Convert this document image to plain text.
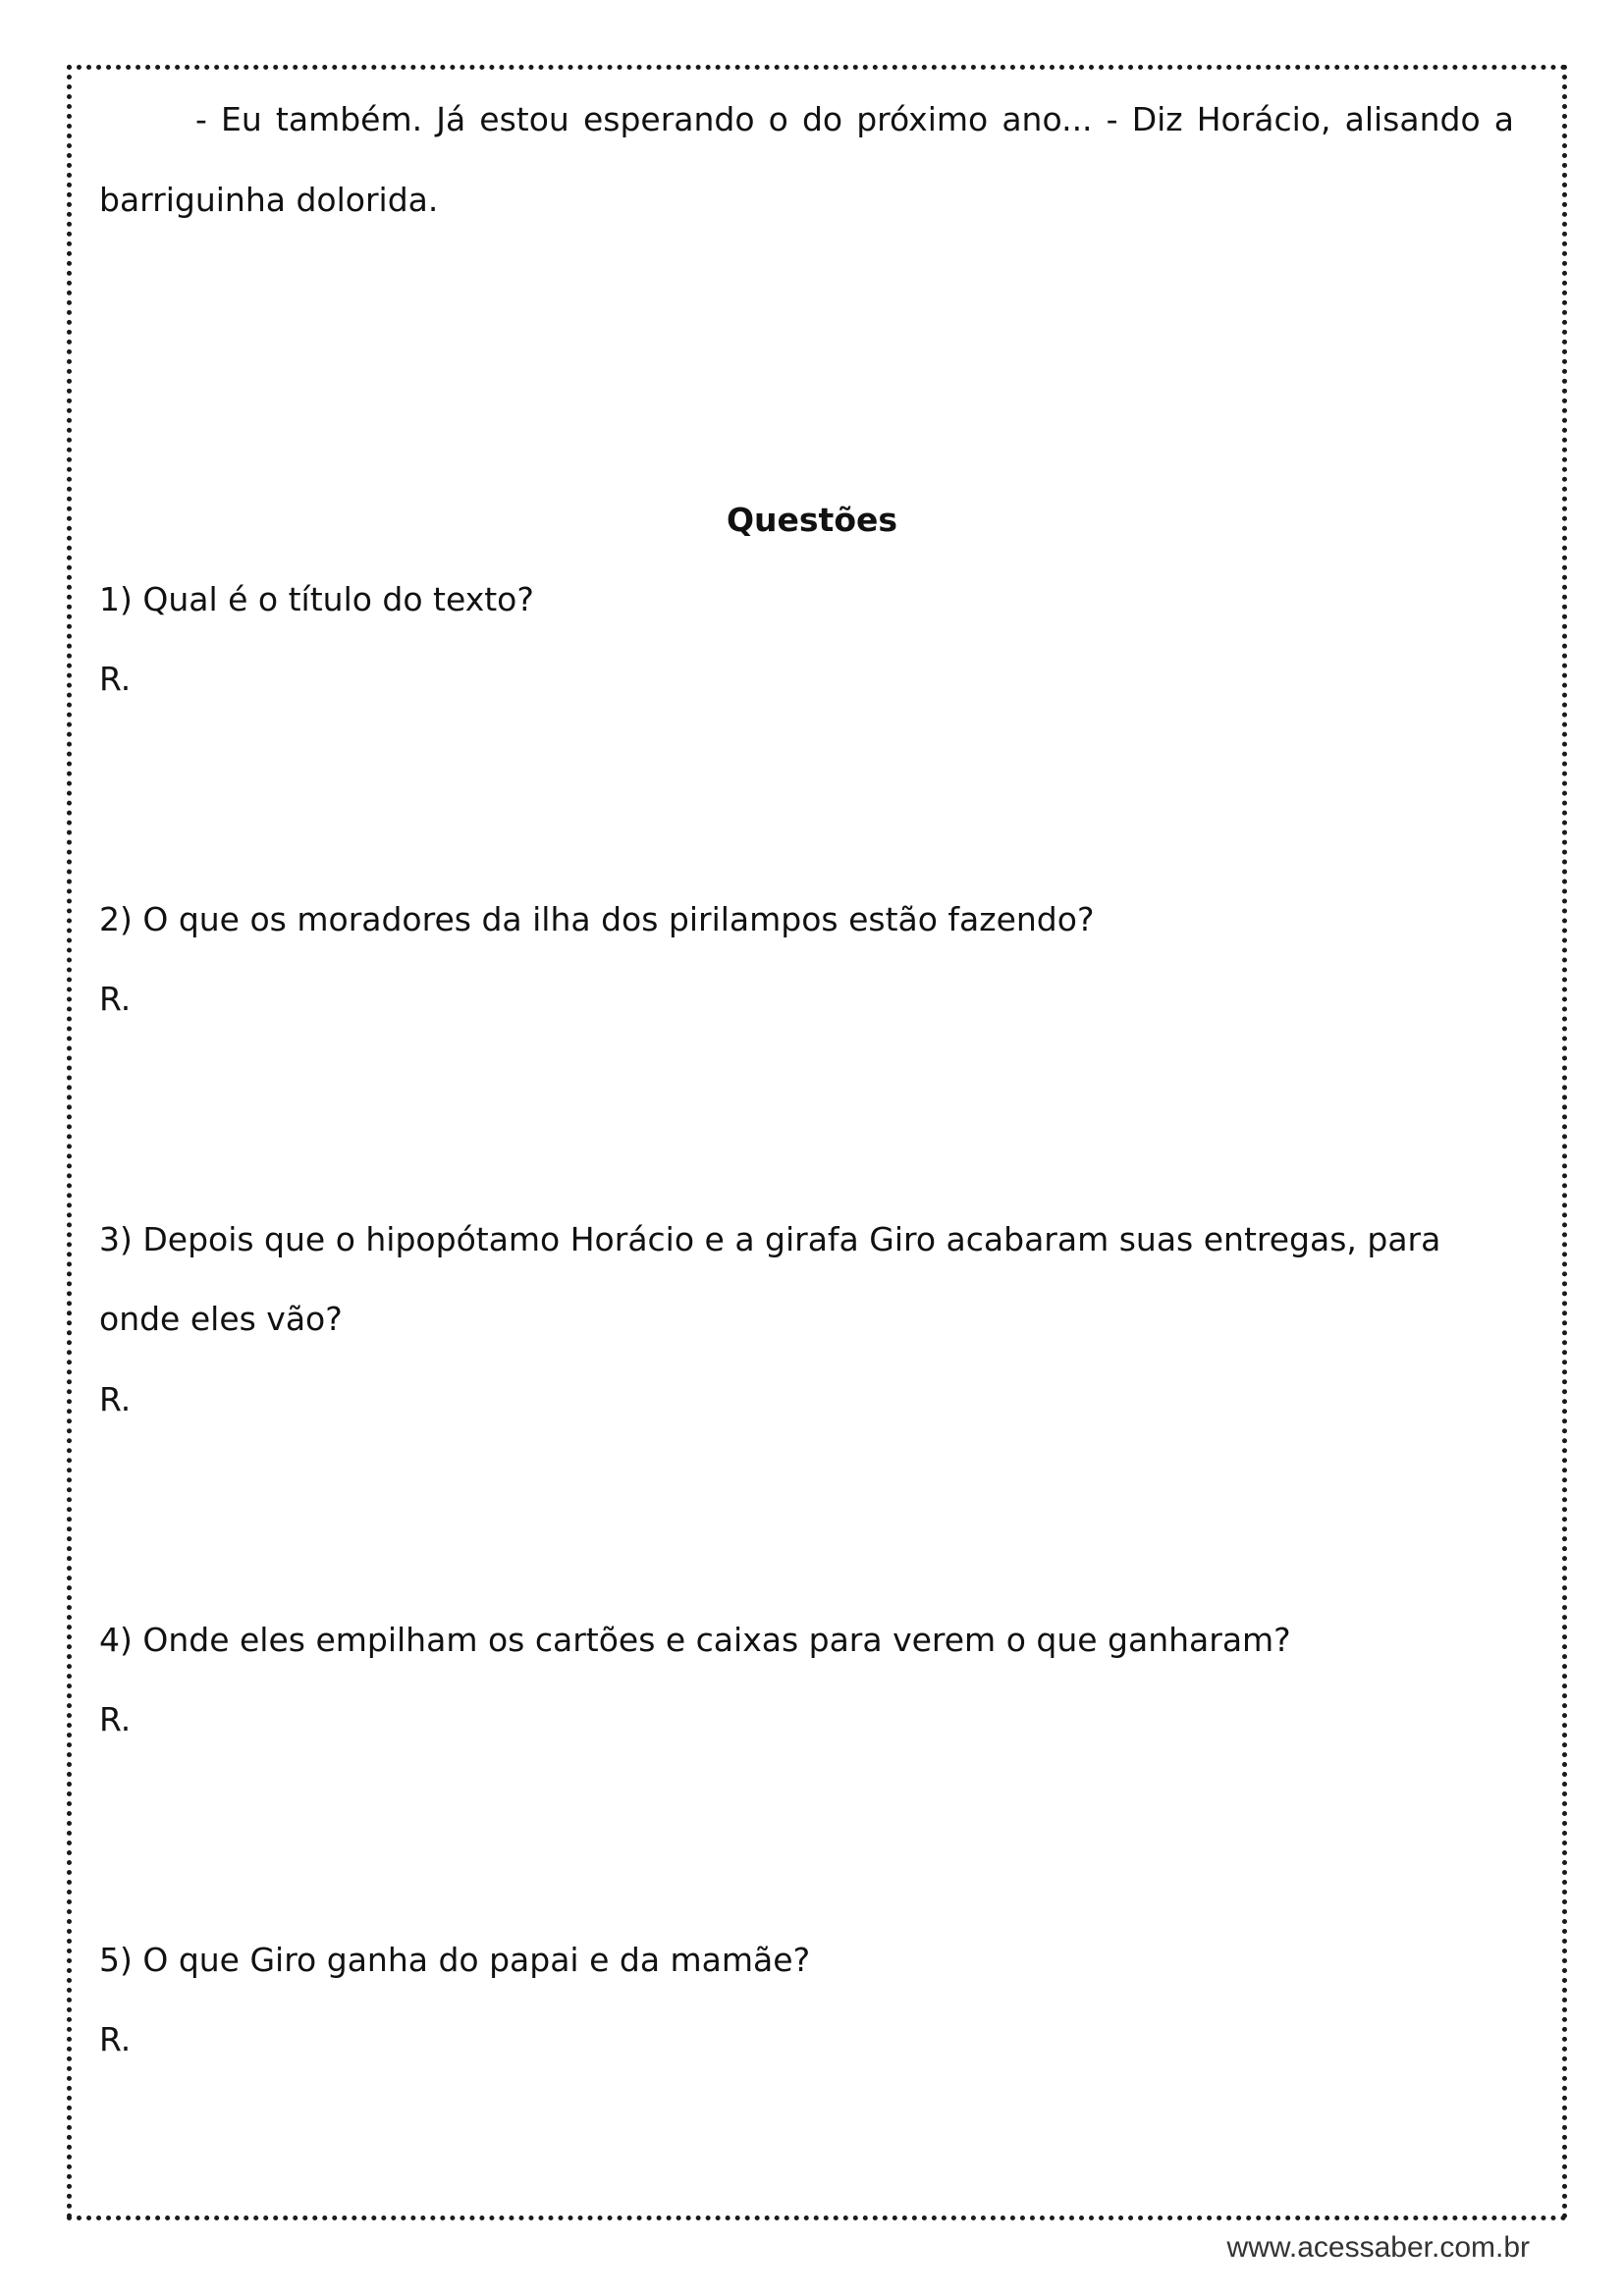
- Eu também. Já estou esperando o do próximo ano... - Diz Horácio, alisando a

barriguinha dolorida.

Questões

1) Qual é o título do texto?

R.

2) O que os moradores da ilha dos pirilampos estão fazendo?

R.

3) Depois que o hipopótamo Horácio e a girafa Giro acabaram suas entregas, para

onde eles vão?

R.

4) Onde eles empilham os cartões e caixas para verem o que ganharam?

R.

5) O que Giro ganha do papai e da mamãe?

R.

www.acessaber.com.br
